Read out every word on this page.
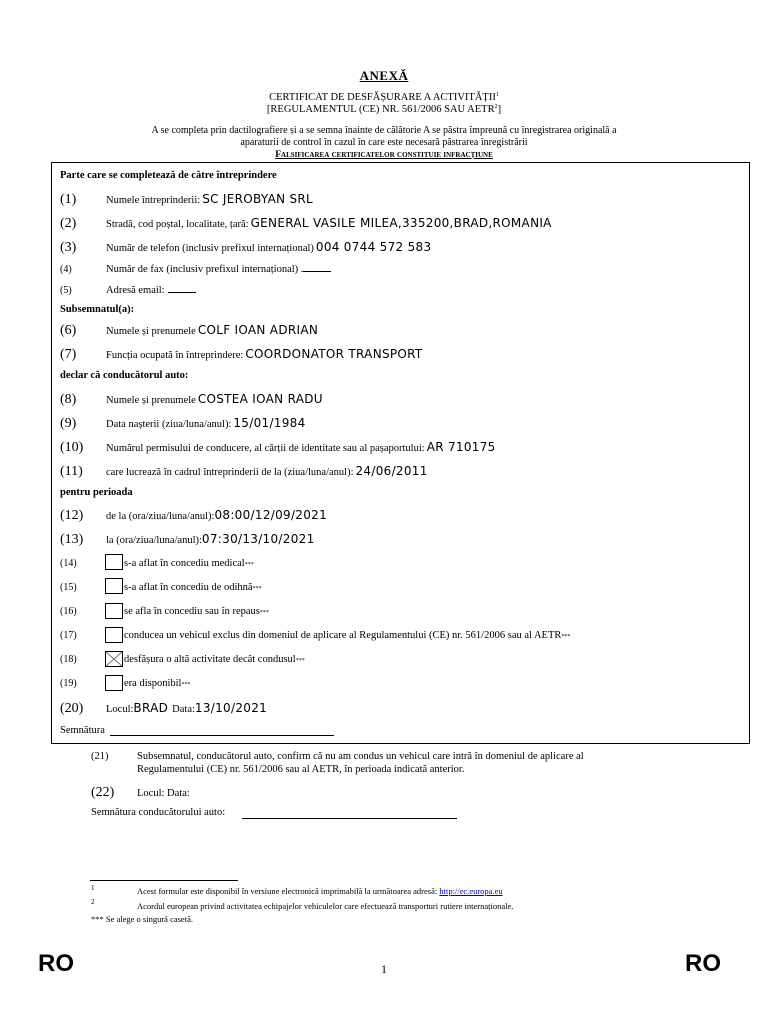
ANEXĂ
CERTIFICAT DE DESFĂȘURARE A ACTIVITĂȚII$^1$
[REGULAMENTUL (CE) NR. 561/2006 SAU AETR$^2$]
A se completa prin dactilografiere și a se semna înainte de călătorie A se păstra împreună cu înregistrarea originală a
aparaturii de control în cazul în care este necesară păstrarea înregistrării
Falsificarea certificatelor constituie infracțiune
Parte care se completează de către întreprindere
(1)	Numele întreprinderii: SC JEROBYAN SRL
(2)	Stradă, cod poștal, localitate, țară: GENERAL VASILE MILEA,335200,BRAD,ROMANIA
(3)	Număr de telefon (inclusiv prefixul internațional) 004 0744 572 583
(4)	Număr de fax (inclusiv prefixul internațional) .
(5)	Adresă email:
Subsemnatul(a):
(6)	Numele și prenumele COLF IOAN ADRIAN
(7)	Funcția ocupată în întreprindere: COORDONATOR TRANSPORT
declar că conducătorul auto:
(8)	Numele și prenumele COSTEA IOAN RADU
(9)	Data nașterii (ziua/luna/anul): 15/01/1984
(10)	Numărul permisului de conducere, al cărții de identitate sau al pașaportului: AR 710175
(11)	care lucrează în cadrul întreprinderii de la (ziua/luna/anul): 24/06/2011
pentru perioada
(12)	de la (ora/ziua/luna/anul): 08:00/12/09/2021
(13)	la (ora/ziua/luna/anul): 07:30/13/10/2021
(14)	s-a aflat în concediu medical ***
(15)	s-a aflat în concediu de odihnă ***
(16)	se afla în concediu sau în repaus ***
(17)	conducea un vehicul exclus din domeniul de aplicare al Regulamentului (CE) nr. 561/2006 sau al AETR ***
(18)	desfășura o altă activitate decât condusul ***
(19)	era disponibil ***
(20)	Locul: BRAD Data: 13/10/2021
Semnătura
(21)	Subsemnatul, conducătorul auto, confirm că nu am condus un vehicul care intră în domeniul de aplicare al
Regulamentului (CE) nr. 561/2006 sau al AETR, în perioada indicată anterior.
(22) Locul: Data:
Semnătura conducătorului auto:
1	Acest formular este disponibil în versiune electronică imprimabilă la următoarea adresă: http://ec.europa.eu
2	Acordul european privind activitatea echipajelor vehiculelor care efectuează transporturi rutiere internaționale.
*** Se alege o singură casetă.
RO	1	RO
